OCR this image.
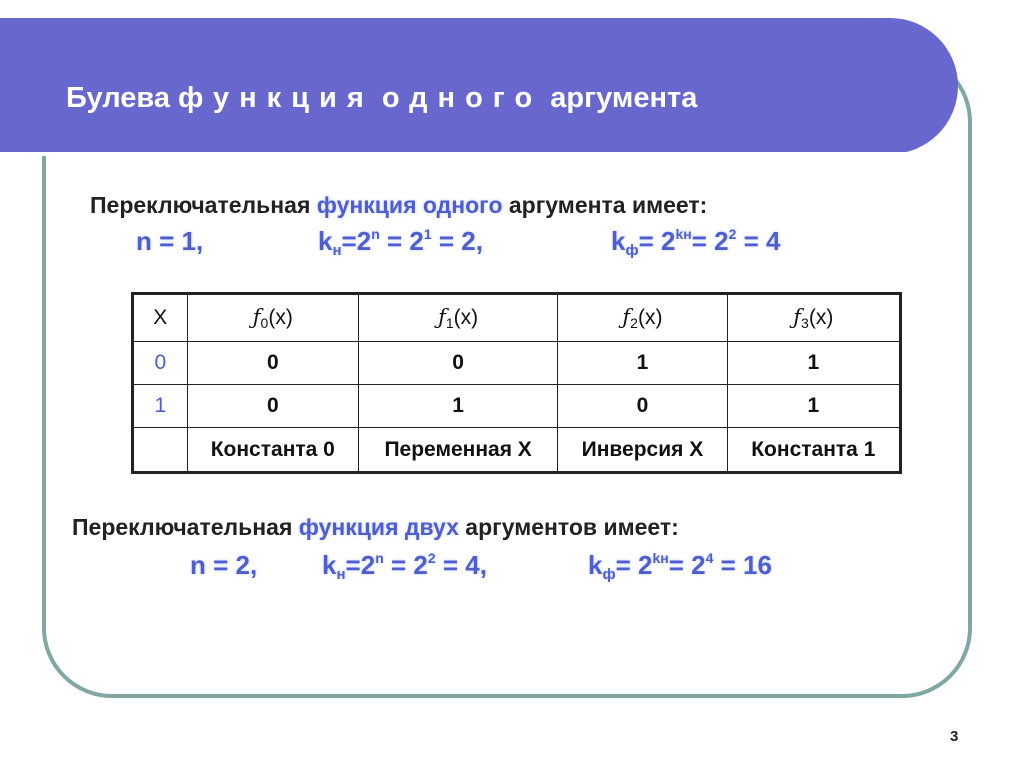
Булева функция одного аргумента
Переключательная функция одного аргумента имеет:
n = 1,	$k_н=2^n = 2^1 = 2$,	$k_ф= 2^{kн}= 2^2 = 4$
X	ƒ0(x)	ƒ1(x)	ƒ2(x)	ƒ3(x)
0	0	0	1	1
1	0	1	0	1
	Константа 0	Переменная Х	Инверсия Х	Константа 1
Переключательная функция двух аргументов имеет:
n = 2, $k_н=2^n = 2^2 = 4$,	$k_ф= 2^{kн}= 2^4 = 16$
3
